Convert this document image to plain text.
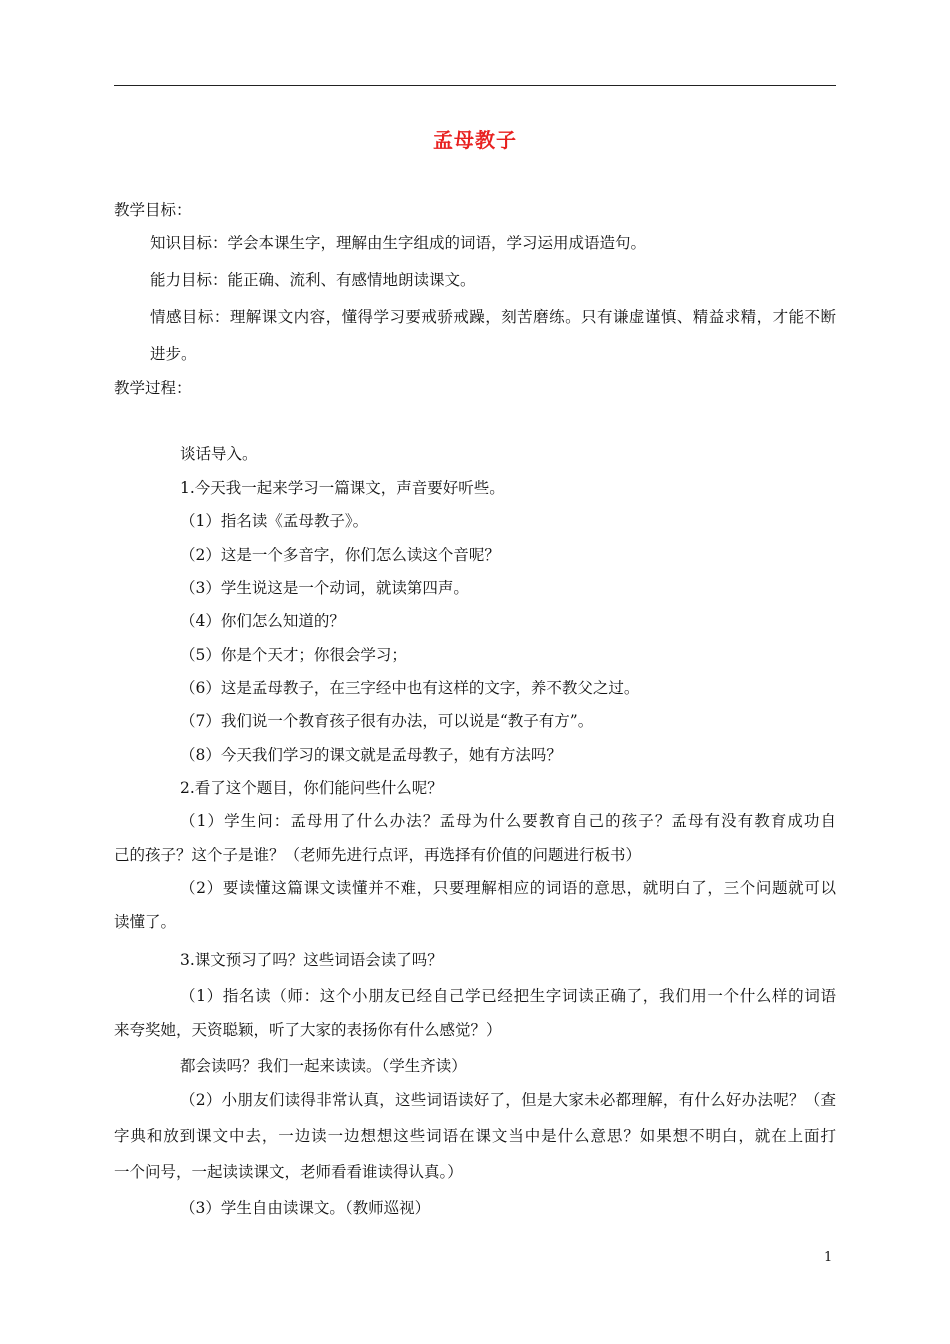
孟母教子
教学目标：
知识目标：学会本课生字，理解由生字组成的词语，学习运用成语造句。
能力目标：能正确、流利、有感情地朗读课文。
情感目标：理解课文内容，懂得学习要戒骄戒躁，刻苦磨练。只有谦虚谨慎、精益求精，才能不断
进步。
教学过程：
谈话导入。
1.今天我一起来学习一篇课文，声音要好听些。
（1）指名读《孟母教子》。
（2）这是一个多音字，你们怎么读这个音呢？
（3）学生说这是一个动词，就读第四声。
（4）你们怎么知道的？
（5）你是个天才；你很会学习；
（6）这是孟母教子，在三字经中也有这样的文字，养不教父之过。
（7）我们说一个教育孩子很有办法，可以说是“教子有方”。
（8）今天我们学习的课文就是孟母教子，她有方法吗？
2.看了这个题目，你们能问些什么呢？
（1）学生问：孟母用了什么办法？孟母为什么要教育自己的孩子？孟母有没有教育成功自
己的孩子？这个子是谁？（老师先进行点评，再选择有价值的问题进行板书）
（2）要读懂这篇课文读懂并不难，只要理解相应的词语的意思，就明白了，三个问题就可以
读懂了。
3.课文预习了吗？这些词语会读了吗？
（1）指名读（师：这个小朋友已经自己学已经把生字词读正确了，我们用一个什么样的词语
来夸奖她，天资聪颖，听了大家的表扬你有什么感觉？）
都会读吗？我们一起来读读。（学生齐读）
（2）小朋友们读得非常认真，这些词语读好了，但是大家未必都理解，有什么好办法呢？（查
字典和放到课文中去，一边读一边想想这些词语在课文当中是什么意思？如果想不明白，就在上面打
一个问号，一起读读课文，老师看看谁读得认真。）
（3）学生自由读课文。（教师巡视）
1
